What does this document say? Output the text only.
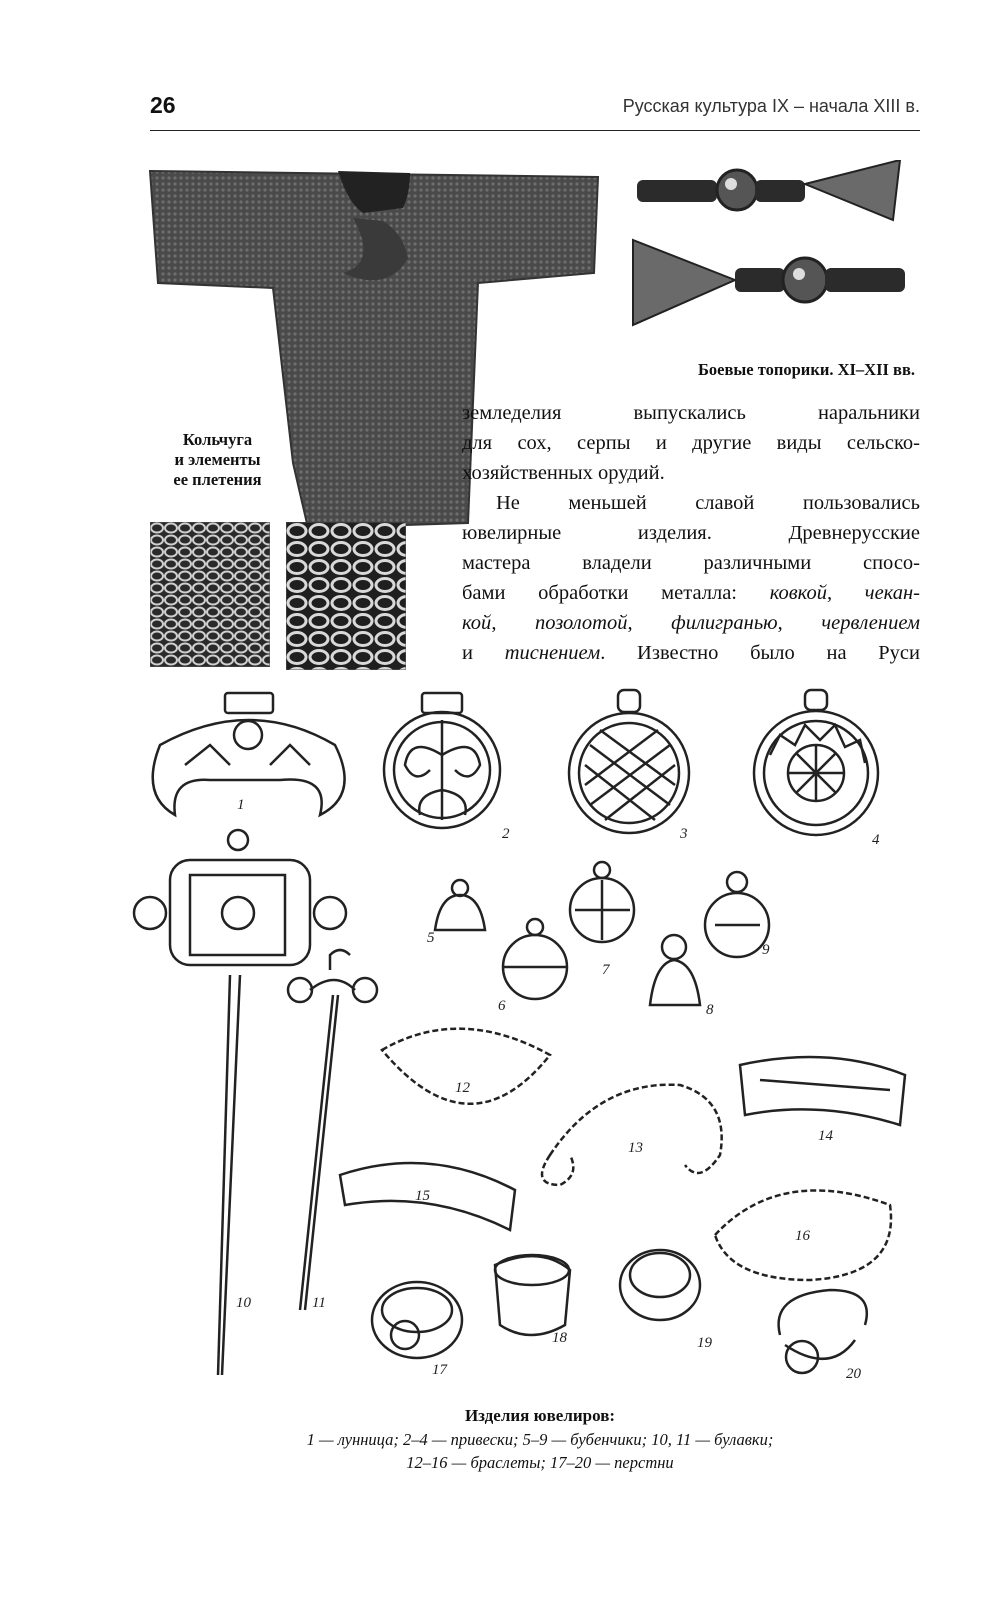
26	Русская культура IX – начала XIII в.
Кольчуга
и элементы
ее плетения
Боевые топорики. XI–XII вв.

земледелия выпускались наральники
для сох, серпы и другие виды сельско-
хозяйственных орудий.

Не меньшей славой пользовались
ювелирные изделия. Древнерусские
мастера владели различными спосо-
бами обработки металла: ковкой, чекан-
кой, позолотой, филигранью, червлением
и тиснением. Известно было на Руси

1
2	3	4
5
6
7
8
9
10	11
12
13
14
15
16
17
18	19
20
Изделия ювелиров:
1 — лунница; 2–4 — привески; 5–9 — бубенчики; 10, 11 — булавки;
12–16 — браслеты; 17–20 — перстни
